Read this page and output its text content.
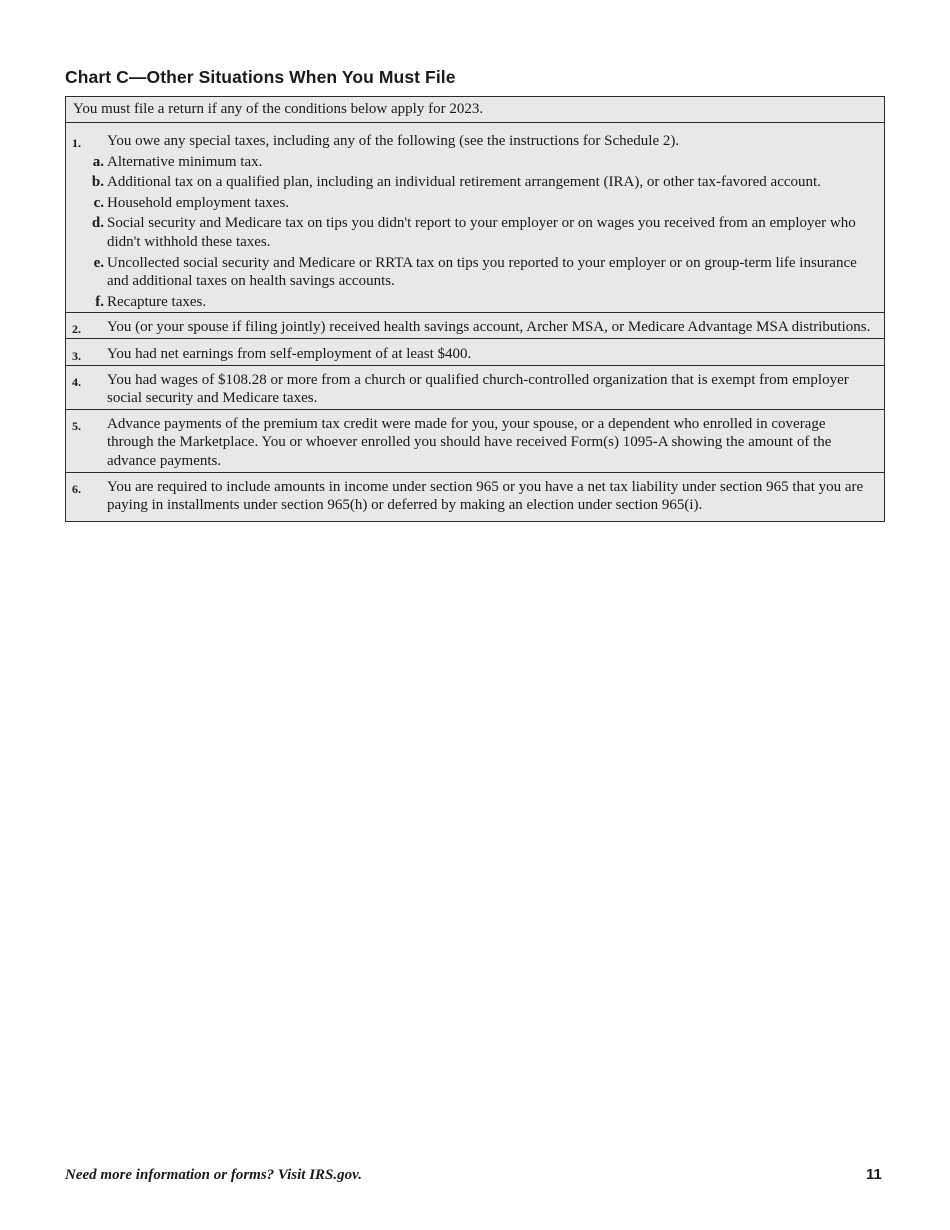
Chart C—Other Situations When You Must File
You must file a return if any of the conditions below apply for 2023.
1. You owe any special taxes, including any of the following (see the instructions for Schedule 2).
a. Alternative minimum tax.
b. Additional tax on a qualified plan, including an individual retirement arrangement (IRA), or other tax-favored account.
c. Household employment taxes.
d. Social security and Medicare tax on tips you didn't report to your employer or on wages you received from an employer who didn't withhold these taxes.
e. Uncollected social security and Medicare or RRTA tax on tips you reported to your employer or on group-term life insurance and additional taxes on health savings accounts.
f. Recapture taxes.
2. You (or your spouse if filing jointly) received health savings account, Archer MSA, or Medicare Advantage MSA distributions.
3. You had net earnings from self-employment of at least $400.
4. You had wages of $108.28 or more from a church or qualified church-controlled organization that is exempt from employer social security and Medicare taxes.
5. Advance payments of the premium tax credit were made for you, your spouse, or a dependent who enrolled in coverage through the Marketplace. You or whoever enrolled you should have received Form(s) 1095-A showing the amount of the advance payments.
6. You are required to include amounts in income under section 965 or you have a net tax liability under section 965 that you are paying in installments under section 965(h) or deferred by making an election under section 965(i).
Need more information or forms? Visit IRS.gov.	11
